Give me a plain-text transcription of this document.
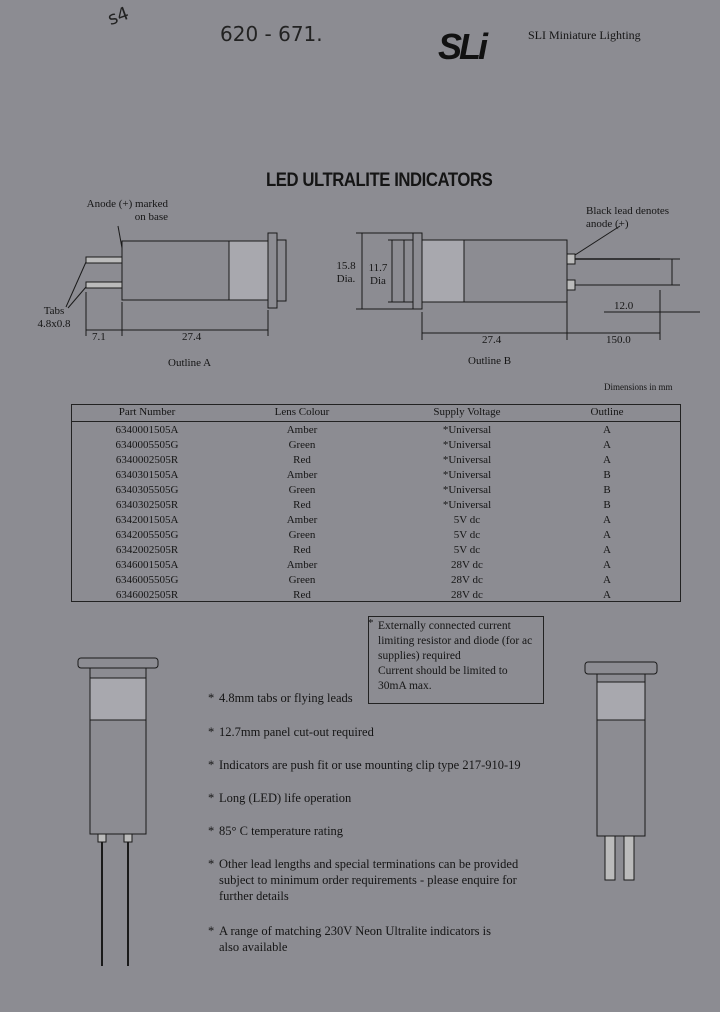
s4
620 - 671.	SLi	SLI Miniature Lighting
LED ULTRALITE INDICATORS
Anode (+) marked
on base
Tabs
4.8x0.8
7.1	27.4
Outline A
Black lead denotes
anode (+)
15.8
Dia.
11.7
Dia
12.0
27.4	150.0
Outline B
Dimensions in mm
Part Number	Lens Colour	Supply Voltage	Outline
6340001505A	Amber	*Universal	A
6340005505G	Green	*Universal	A
6340002505R	Red	*Universal	A
6340301505A	Amber	*Universal	B
6340305505G	Green	*Universal	B
6340302505R	Red	*Universal	B
6342001505A	Amber	5V dc	A
6342005505G	Green	5V dc	A
6342002505R	Red	5V dc	A
6346001505A	Amber	28V dc	A
6346005505G	Green	28V dc	A
6346002505R	Red	28V dc	A
* Externally connected current
limiting resistor and diode (for ac
supplies) required
Current should be limited to
30mA max.
* 4.8mm tabs or flying leads
* 12.7mm panel cut-out required
* Indicators are push fit or use mounting clip type 217-910-19
* Long (LED) life operation
* 85° C temperature rating
* Other lead lengths and special terminations can be provided
subject to minimum order requirements - please enquire for
further details
* A range of matching 230V Neon Ultralite indicators is
also available
